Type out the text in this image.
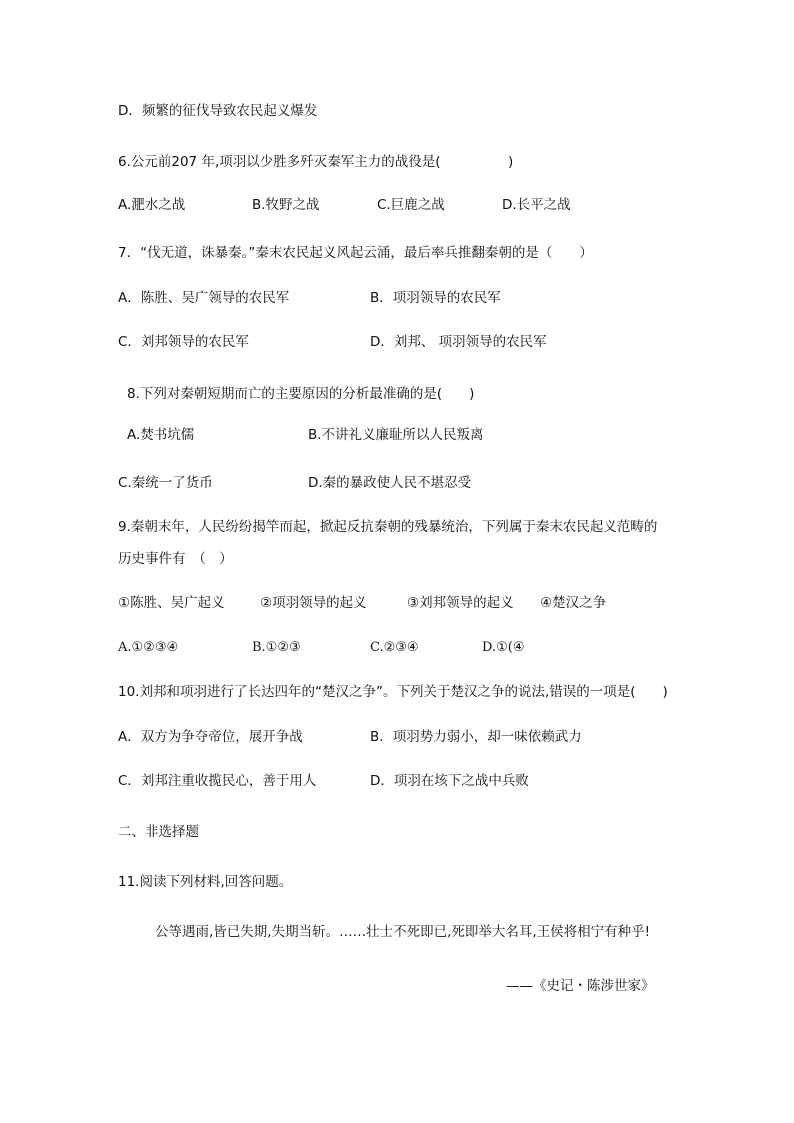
D．频繁的征伐导致农民起义爆发
6.公元前207 年,项羽以少胜多歼灭秦军主力的战役是(　　　　　)
A.淝水之战	B.牧野之战	C.巨鹿之战	D.长平之战
7．“伐无道，诛暴秦。”秦末农民起义风起云涌，最后率兵推翻秦朝的是（　　）
A．陈胜、吴广领导的农民军	B．项羽领导的农民军
C．刘邦领导的农民军	D．刘邦、 项羽领导的农民军
8.下列对秦朝短期而亡的主要原因的分析最准确的是(　　)
A.焚书坑儒	B.不讲礼义廉耻所以人民叛离
C.秦统一了货币	D.秦的暴政使人民不堪忍受
9.秦朝末年，人民纷纷揭竿而起，掀起反抗秦朝的残暴统治，下列属于秦末农民起义范畴的
历史事件有　（　）
①陈胜、吴广起义	②项羽领导的起义	③刘邦领导的起义 ④楚汉之争
A.①②③④	B.①②③	C.②③④	D.①(④
10.刘邦和项羽进行了长达四年的“楚汉之争”。下列关于楚汉之争的说法,错误的一项是(　　)
A．双方为争夺帝位，展开争战	B．项羽势力弱小，却一味依赖武力
C．刘邦注重收揽民心，善于用人	D．项羽在垓下之战中兵败
二、非选择题
11.阅读下列材料,回答问题。
公等遇雨,皆已失期,失期当斩。……壮士不死即已,死即举大名耳,王侯将相宁有种乎!
——《史记・陈涉世家》
